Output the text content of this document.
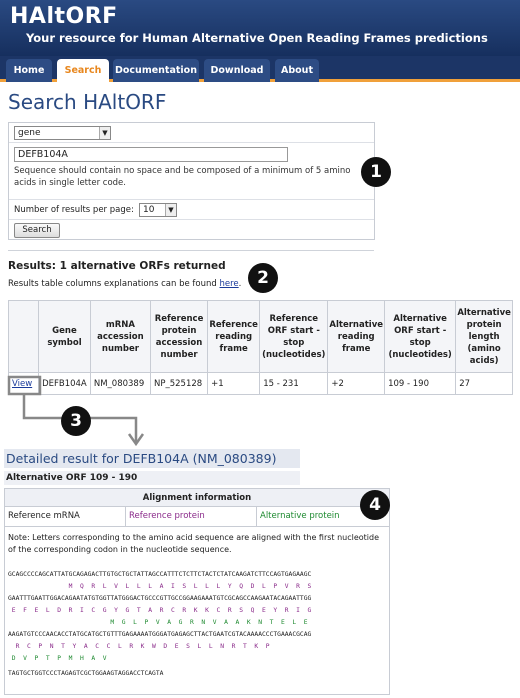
HAltORF
Your resource for Human Alternative Open Reading Frames predictions
Home	Search	Documentation	Download	About
Search HAltORF
gene	▼
DEFB104A
Sequence should contain no space and be composed of a minimum of 5 amino acids in single letter code.
Number of results per page:	10	▼
Search
1
Results: 1 alternative ORFs returned
Results table columns explanations can be found here. 2
	Gene symbol	mRNA accession number	Reference protein accession number	Reference reading frame	Reference ORF start - stop (nucleotides)	Alternative reading frame	Alternative ORF start - stop (nucleotides)	Alternative protein length (amino acids)
View	DEFB104A	NM_080389	NP_525128	+1	15 - 231	+2	109 - 190	27
3
Detailed result for DEFB104A (NM_080389)
Alternative ORF 109 - 190
Alignment information
Reference mRNA	Reference protein	Alternative protein
Note: Letters corresponding to the amino acid sequence are aligned with the first nucleotide of the corresponding codon in the nucleotide sequence.
GCAGCCCCAGCATTATGCAGAGACTTGTGCTGCTATTAGCCATTTCTCTTCTACTCTATCAAGATCTTCCAGTGAGAAGC
M  Q  R  L  V  L  L  L  A  I  S  L  L  L  Y  Q  D  L  P  V  R  S
GAATTTGAATTGGACAGAATATGTGGTTATGGGACTGCCCGTTGCCGGAAGAAATGTCGCAGCCAAGAATACAGAATTGG
E  F  E  L  D  R  I  C  G  Y  G  T  A  R  C  R  K  K  C  R  S  Q  E  Y  R  I  G
M  G  L  P  V  A  G  R  N  V  A  A  K  N  T  E  L  E
AAGATGTCCCAACACCTATGCATGCTGTTTGAGAAAATGGGATGAGAGCTTACTGAATCGTACAAAACCCTGAAACGCAG
R  C  P  N  T  Y  A  C  C  L  R  K  W  D  E  S  L  L  N  R  T  K  P
D  V  P  T  P  M  H  A  V
TAGTGCTGGTCCCTAGAGTCGCTGGAAGTAGGACCTCAGTA
4
